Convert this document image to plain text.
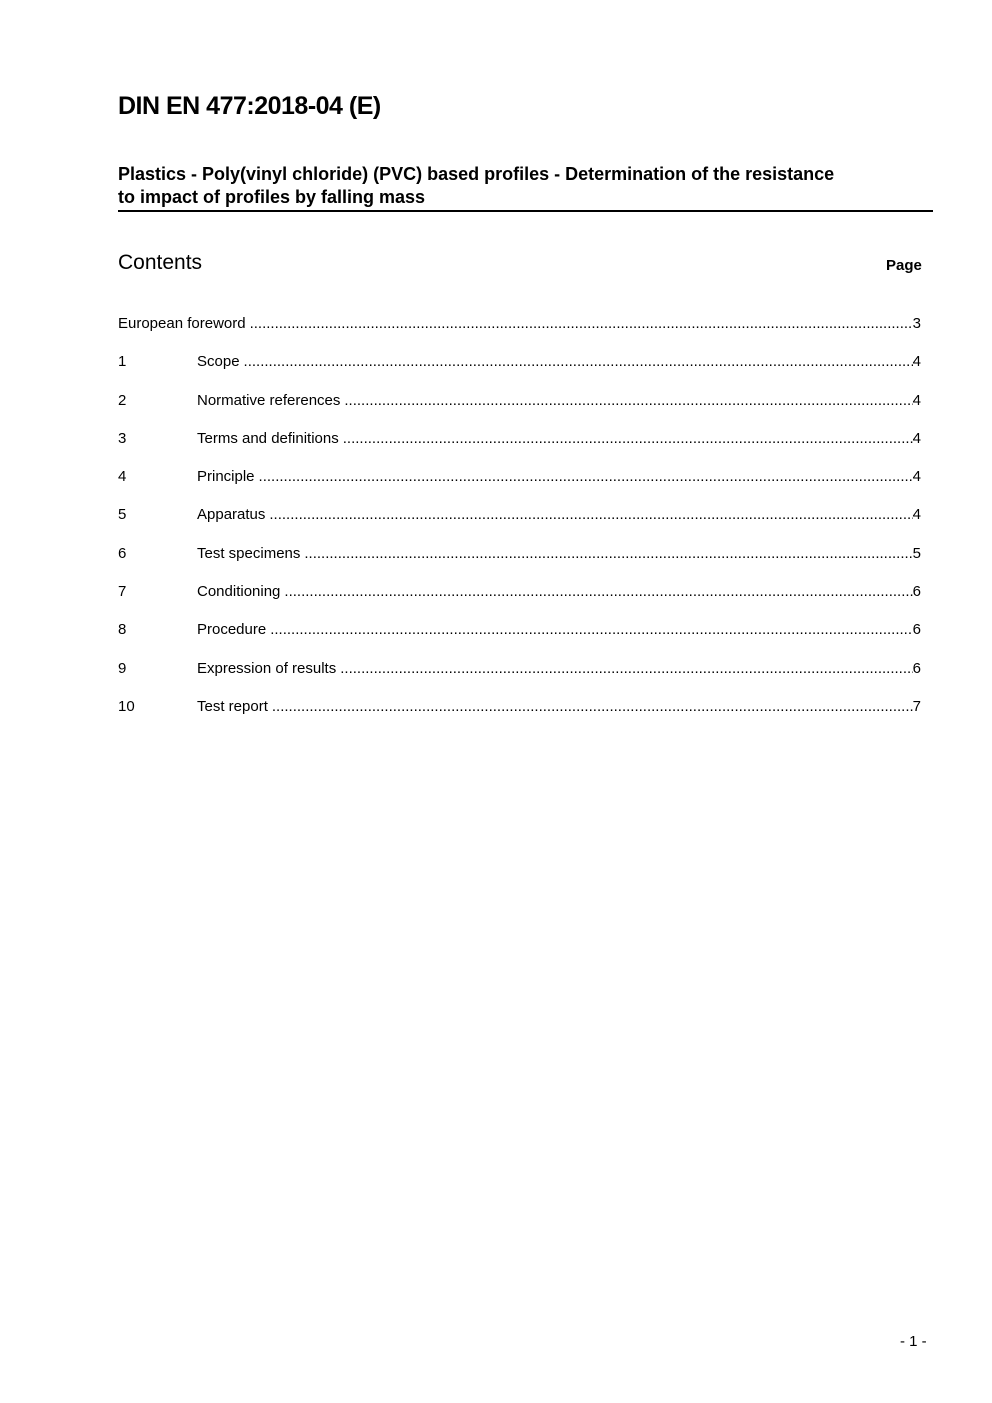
DIN EN 477:2018-04 (E)
Plastics - Poly(vinyl chloride) (PVC) based profiles - Determination of the resistance
to impact of profiles by falling mass
Contents	Page
European foreword .....	3
1	Scope .....	4
2	Normative references .....	4
3	Terms and definitions .....	4
4	Principle .....	4
5	Apparatus .....	4
6	Test specimens .....	5
7	Conditioning .....	6
8	Procedure .....	6
9	Expression of results .....	6
10	Test report .....	7
- 1 -
